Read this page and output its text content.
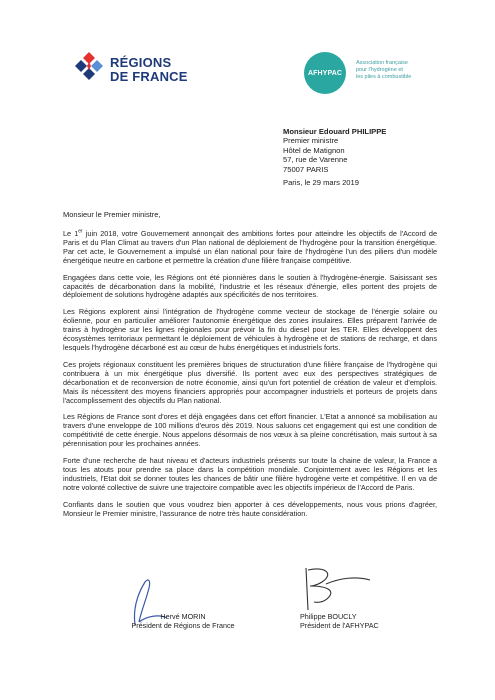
RÉGIONS
DE FRANCE	AFHYPAC
Association française
pour l'hydrogène et
les piles à combustible
Monsieur Edouard PHILIPPE
Premier ministre
Hôtel de Matignon
57, rue de Varenne
75007 PARIS
Paris, le 29 mars 2019
Monsieur le Premier ministre,

Le 1er juin 2018, votre Gouvernement annonçait des ambitions fortes pour atteindre les objectifs de l'Accord de Paris et du Plan Climat au travers d'un Plan national de déploiement de l'hydrogène pour la transition énergétique. Par cet acte, le Gouvernement a impulsé un élan national pour faire de l'hydrogène l'un des piliers d'un modèle énergétique neutre en carbone et permettre la création d'une filière française compétitive.

Engagées dans cette voie, les Régions ont été pionnières dans le soutien à l'hydrogène-énergie. Saisissant ses capacités de décarbonation dans la mobilité, l'industrie et les réseaux d'énergie, elles portent des projets de déploiement de solutions hydrogène adaptés aux spécificités de nos territoires.

Les Régions explorent ainsi l'intégration de l'hydrogène comme vecteur de stockage de l'énergie solaire ou éolienne, pour en particulier améliorer l'autonomie énergétique des zones insulaires. Elles préparent l'arrivée de trains à hydrogène sur les lignes régionales pour prévoir la fin du diesel pour les TER. Elles développent des écosystèmes territoriaux permettant le déploiement de véhicules à hydrogène et de stations de recharge, et dans lesquels l'hydrogène décarboné est au cœur de hubs énergétiques et industriels forts.

Ces projets régionaux constituent les premières briques de structuration d'une filière française de l'hydrogène qui contribuera à un mix énergétique plus diversifié. Ils portent avec eux des perspectives stratégiques de décarbonation et de reconversion de notre économie, ainsi qu'un fort potentiel de création de valeur et d'emplois. Mais ils nécessitent des moyens financiers appropriés pour accompagner industriels et porteurs de projets dans l'accomplissement des objectifs du Plan national.

Les Régions de France sont d'ores et déjà engagées dans cet effort financier. L'Etat a annoncé sa mobilisation au travers d'une enveloppe de 100 millions d'euros dès 2019. Nous saluons cet engagement qui est une condition de compétitivité de cette énergie. Nous appelons désormais de nos vœux à sa pleine concrétisation, mais surtout à sa pérennisation pour les prochaines années.

Forte d'une recherche de haut niveau et d'acteurs industriels présents sur toute la chaine de valeur, la France a tous les atouts pour prendre sa place dans la compétition mondiale. Conjointement avec les Régions et les industriels, l'Etat doit se donner toutes les chances de bâtir une filière hydrogène verte et compétitive. Il en va de notre volonté collective de suivre une trajectoire compatible avec les objectifs impérieux de l'Accord de Paris.

Confiants dans le soutien que vous voudrez bien apporter à ces développements, nous vous prions d'agréer, Monsieur le Premier ministre, l'assurance de notre très haute considération.

Hervé MORIN
Président de Régions de France
Philippe BOUCLY
Président de l'AFHYPAC
